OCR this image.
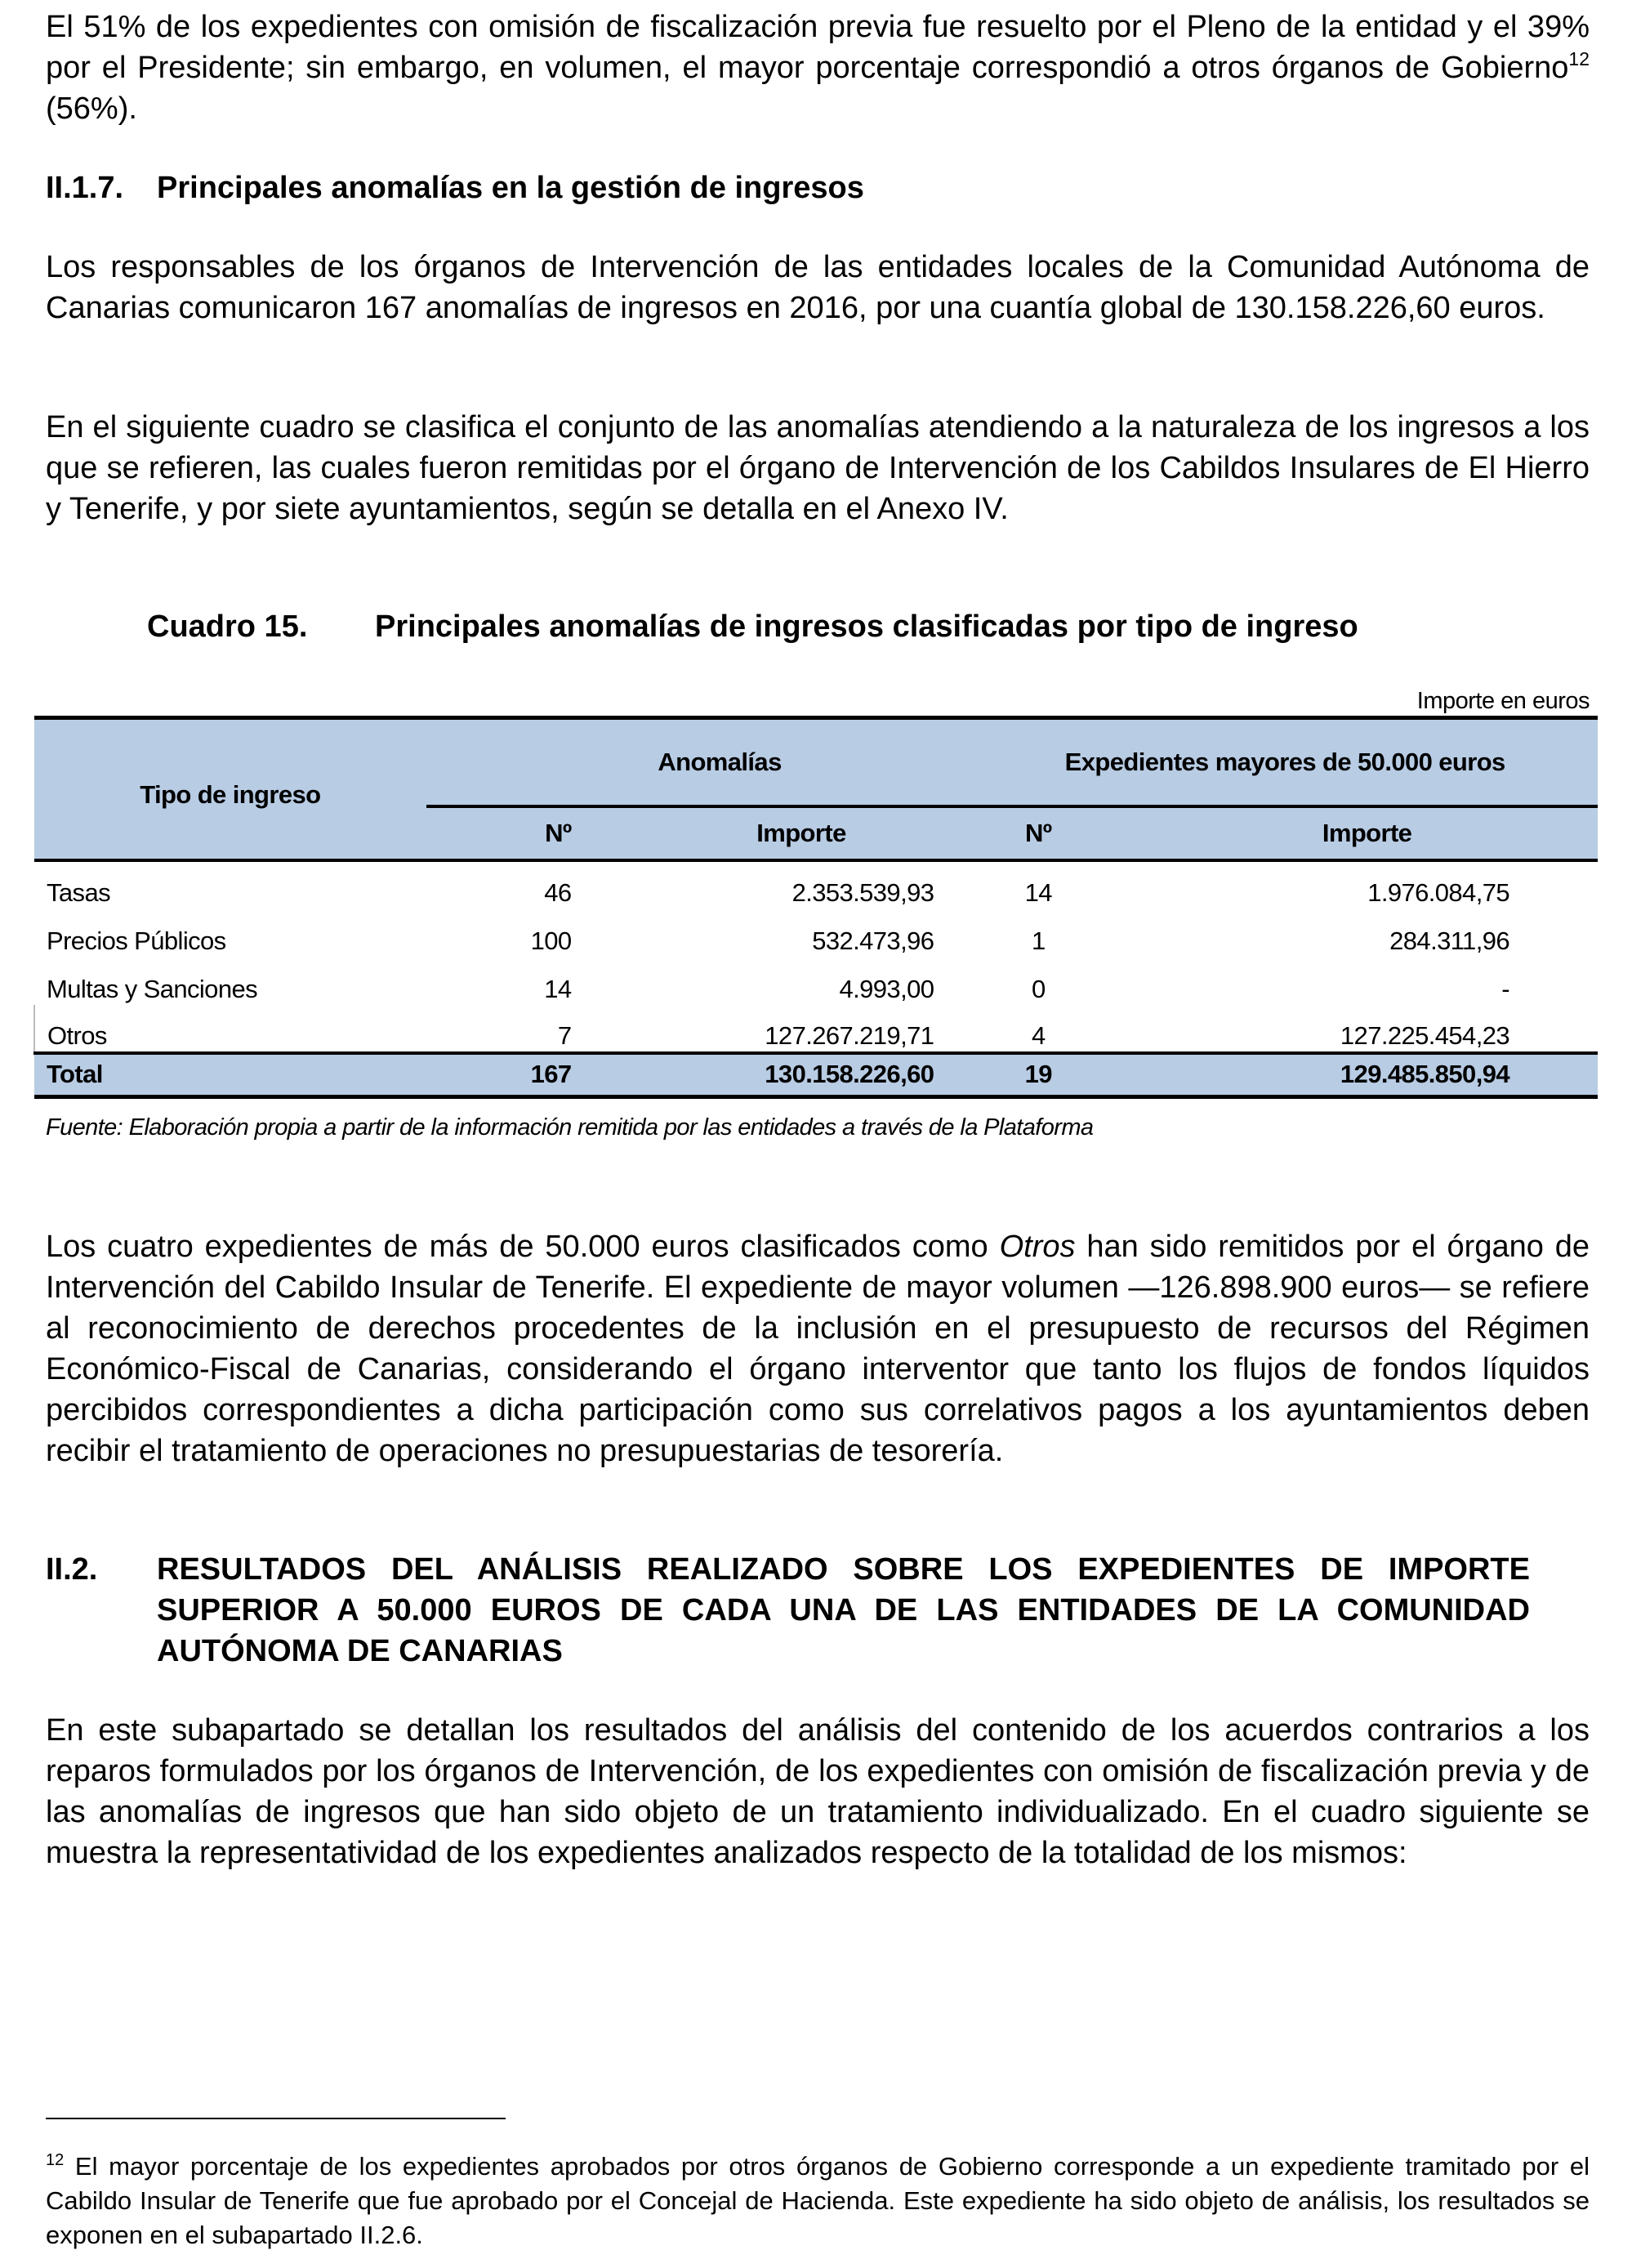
El 51% de los expedientes con omisión de fiscalización previa fue resuelto por el Pleno de la entidad y el 39% por el Presidente; sin embargo, en volumen, el mayor porcentaje correspondió a otros órganos de Gobierno$^{12}$ (56%).

II.1.7.	Principales anomalías en la gestión de ingresos

Los responsables de los órganos de Intervención de las entidades locales de la Comunidad Autónoma de Canarias comunicaron 167 anomalías de ingresos en 2016, por una cuantía global de 130.158.226,60 euros.

En el siguiente cuadro se clasifica el conjunto de las anomalías atendiendo a la naturaleza de los ingresos a los que se refieren, las cuales fueron remitidas por el órgano de Intervención de los Cabildos Insulares de El Hierro y Tenerife, y por siete ayuntamientos, según se detalla en el Anexo IV.

Cuadro 15. Principales anomalías de ingresos clasificadas por tipo de ingreso

Importe en euros
Tipo de ingreso	Anomalías		Expedientes mayores de 50.000 euros	
	Nº	Importe	Nº	Importe
Tasas	46	2.353.539,93	14	1.976.084,75
Precios Públicos	100	532.473,96	1	284.311,96
Multas y Sanciones	14	4.993,00	0	-
Otros	7	127.267.219,71	4	127.225.454,23
Total	167	130.158.226,60	19	129.485.850,94
Fuente: Elaboración propia a partir de la información remitida por las entidades a través de la Plataforma

Los cuatro expedientes de más de 50.000 euros clasificados como Otros han sido remitidos por el órgano de Intervención del Cabildo Insular de Tenerife. El expediente de mayor volumen —126.898.900 euros— se refiere al reconocimiento de derechos procedentes de la inclusión en el presupuesto de recursos del Régimen Económico-Fiscal de Canarias, considerando el órgano interventor que tanto los flujos de fondos líquidos percibidos correspondientes a dicha participación como sus correlativos pagos a los ayuntamientos deben recibir el tratamiento de operaciones no presupuestarias de tesorería.

II.2.	RESULTADOS DEL ANÁLISIS REALIZADO SOBRE LOS EXPEDIENTES DE IMPORTE SUPERIOR A 50.000 EUROS DE CADA UNA DE LAS ENTIDADES DE LA COMUNIDAD AUTÓNOMA DE CANARIAS

En este subapartado se detallan los resultados del análisis del contenido de los acuerdos contrarios a los reparos formulados por los órganos de Intervención, de los expedientes con omisión de fiscalización previa y de las anomalías de ingresos que han sido objeto de un tratamiento individualizado. En el cuadro siguiente se muestra la representatividad de los expedientes analizados respecto de la totalidad de los mismos:

$^{12}$ El mayor porcentaje de los expedientes aprobados por otros órganos de Gobierno corresponde a un expediente tramitado por el Cabildo Insular de Tenerife que fue aprobado por el Concejal de Hacienda. Este expediente ha sido objeto de análisis, los resultados se exponen en el subapartado II.2.6.
